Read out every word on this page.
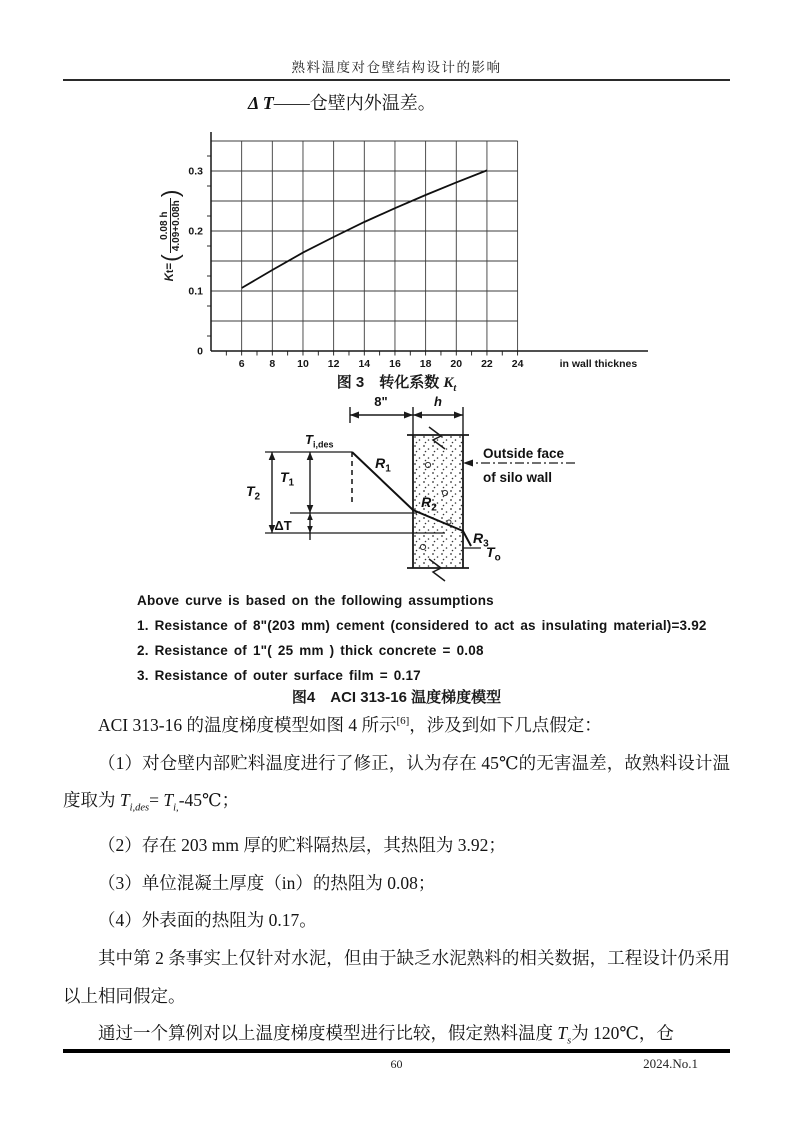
熟料温度对仓壁结构设计的影响
Δ T——仓壁内外温差。
6 8 10 12 14 16 18 20 22 24
0
0.1
0.2
0.3
in wall thicknes
K
t
=
(
0.08 h 4.09+0.08h
)
图 3　转化系数 $K_t$
8"	h
$T_{i,des}$
$T_2$
$T_1$
ΔT
$R_1$
$R_2$
$R_3$
$T_o$
Outside face
of silo wall
Above curve is based on the following assumptions
1. Resistance of 8"(203 mm) cement (considered to act as insulating material)=3.92
2. Resistance of 1"( 25 mm ) thick concrete = 0.08
3. Resistance of outer surface film = 0.17
图4　ACI 313-16 温度梯度模型

ACI 313-16 的温度梯度模型如图 4 所示[6]，涉及到如下几点假定：

（1）对仓壁内部贮料温度进行了修正，认为存在 45℃的无害温差，故熟料设计温度取为 $T_{i,des}=$ $T_{i,}-45℃$；

（2）存在 203 mm 厚的贮料隔热层，其热阻为 3.92；

（3）单位混凝土厚度（in）的热阻为 0.08；

（4）外表面的热阻为 0.17。

其中第 2 条事实上仅针对水泥，但由于缺乏水泥熟料的相关数据，工程设计仍采用以上相同假定。

通过一个算例对以上温度梯度模型进行比较，假定熟料温度 $T_s$为 120℃，仓

60	2024.No.1
